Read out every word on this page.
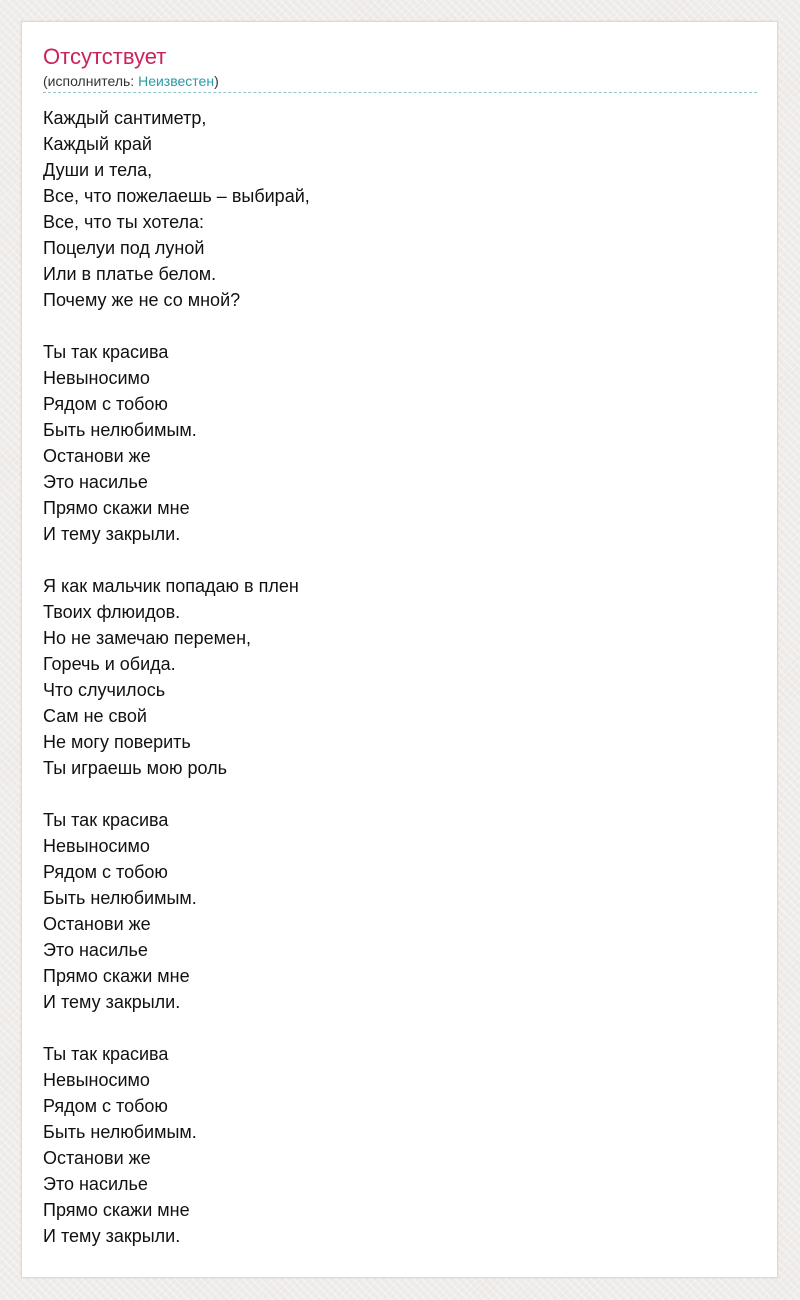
Отсутствует
(исполнитель: Неизвестен)
Каждый сантиметр,
Каждый край
Души и тела,
Все, что пожелаешь – выбирай,
Все, что ты хотела:
Поцелуи под луной
Или в платье белом.
Почему же не со мной?
Ты так красива
Невыносимо
Рядом с тобою
Быть нелюбимым.
Останови же
Это насилье
Прямо скажи мне
И тему закрыли.
Я как мальчик попадаю в плен
Твоих флюидов.
Но не замечаю перемен,
Горечь и обида.
Что случилось
Сам не свой
Не могу поверить
Ты играешь мою роль
Ты так красива
Невыносимо
Рядом с тобою
Быть нелюбимым.
Останови же
Это насилье
Прямо скажи мне
И тему закрыли.
Ты так красива
Невыносимо
Рядом с тобою
Быть нелюбимым.
Останови же
Это насилье
Прямо скажи мне
И тему закрыли.
